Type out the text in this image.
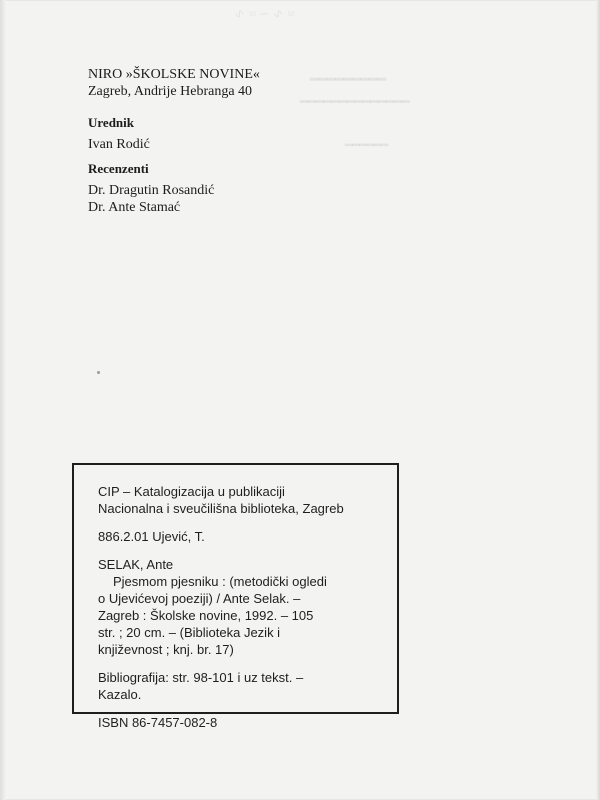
≈ ∿ ∼ ≈ ∿
━━━━━━━━━
━━━━━━━━━━━━━━
━━━━━━
NIRO »ŠKOLSKE NOVINE«
Zagreb, Andrije Hebranga 40
Urednik
Ivan Rodić
Recenzenti
Dr. Dragutin Rosandić
Dr. Ante Stamać
CIP – Katalogizacija u publikaciji
Nacionalna i sveučilišna biblioteka, Zagreb
886.2.01 Ujević, T.
SELAK, Ante
Pjesmom pjesniku : (metodički ogledi
o Ujevićevoj poeziji) / Ante Selak. –
Zagreb : Školske novine, 1992. – 105
str. ; 20 cm. – (Biblioteka Jezik i
književnost ; knj. br. 17)
Bibliografija: str. 98-101 i uz tekst. –
Kazalo.
ISBN 86-7457-082-8
